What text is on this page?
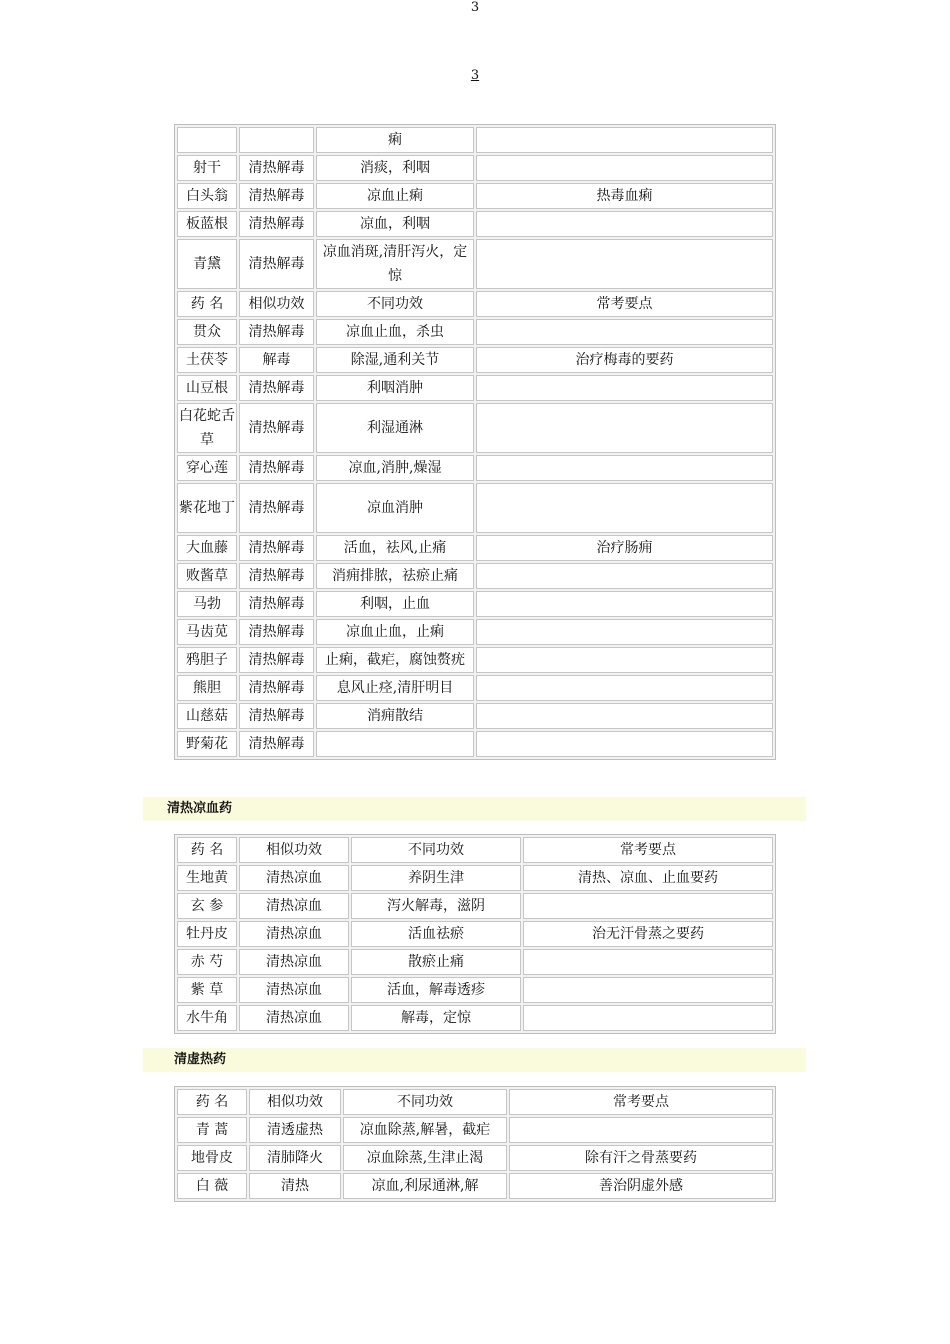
3
3
		痢	
射干	清热解毒	消痰，利咽	
白头翁	清热解毒	凉血止痢	热毒血痢
板蓝根	清热解毒	凉血，利咽	
青黛	清热解毒	凉血消斑,清肝泻火，定惊	
药 名	相似功效	不同功效	常考要点
贯众	清热解毒	凉血止血，杀虫	
土茯苓	解毒	除湿,通利关节	治疗梅毒的要药
山豆根	清热解毒	利咽消肿	
白花蛇舌草	清热解毒	利湿通淋	
穿心莲	清热解毒	凉血,消肿,燥湿	
紫花地丁	清热解毒	凉血消肿	
大血藤	清热解毒	活血，祛风,止痛	治疗肠痈
败酱草	清热解毒	消痈排脓，祛瘀止痛	
马勃	清热解毒	利咽，止血	
马齿苋	清热解毒	凉血止血，止痢	
鸦胆子	清热解毒	止痢，截疟，腐蚀赘疣	
熊胆	清热解毒	息风止痉,清肝明目	
山慈菇	清热解毒	消痈散结	
野菊花	清热解毒		
清热凉血药
药 名	相似功效	不同功效	常考要点
生地黄	清热凉血	养阴生津	清热、凉血、止血要药
玄 参	清热凉血	泻火解毒，滋阴	
牡丹皮	清热凉血	活血祛瘀	治无汗骨蒸之要药
赤 芍	清热凉血	散瘀止痛	
紫 草	清热凉血	活血，解毒透疹	
水牛角	清热凉血	解毒，定惊	
清虚热药
药 名	相似功效	不同功效	常考要点
青 蒿	清透虚热	凉血除蒸,解暑，截疟	
地骨皮	清肺降火	凉血除蒸,生津止渴	除有汗之骨蒸要药
白 薇	清热	凉血,利尿通淋,解	善治阴虚外感
